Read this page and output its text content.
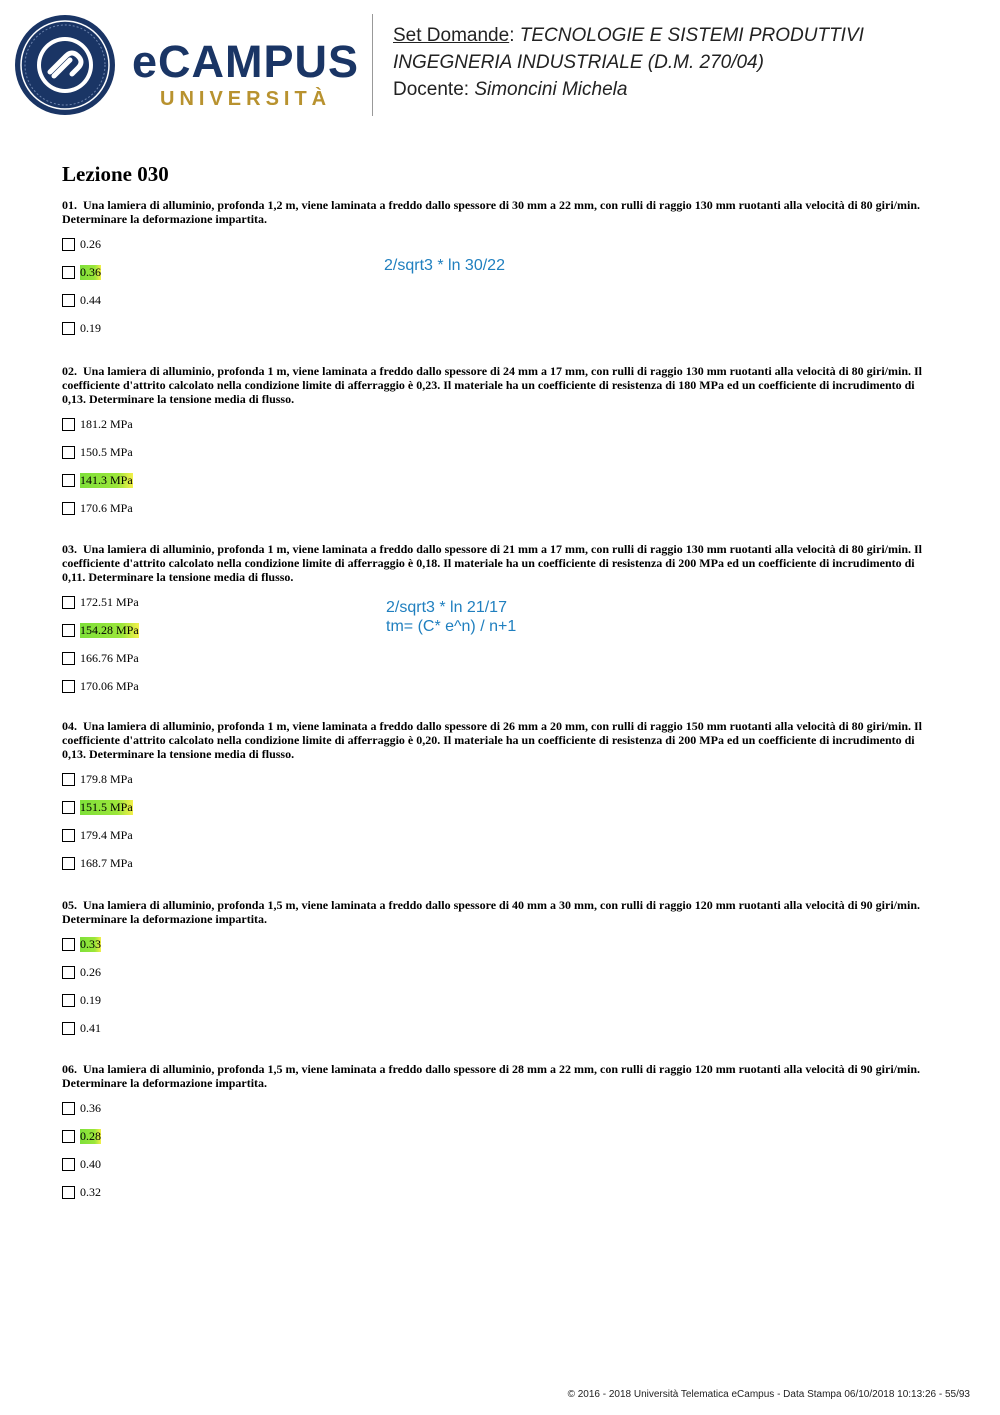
eCAMPUS
UNIVERSITÀ
Set Domande: TECNOLOGIE E SISTEMI PRODUTTIVI
INGEGNERIA INDUSTRIALE (D.M. 270/04)
Docente: Simoncini Michela
Lezione 030
2/sqrt3 * ln 30/22
2/sqrt3 * ln 21/17
tm= (C* e^n) / n+1

01. Una lamiera di alluminio, profonda 1,2 m, viene laminata a freddo dallo spessore di 30 mm a 22 mm, con rulli di raggio 130 mm ruotanti alla velocità di 80 giri/min. Determinare la deformazione impartita.

0.26
0.36
0.44
0.19

02. Una lamiera di alluminio, profonda 1 m, viene laminata a freddo dallo spessore di 24 mm a 17 mm, con rulli di raggio 130 mm ruotanti alla velocità di 80 giri/min. Il coefficiente d'attrito calcolato nella condizione limite di afferraggio è 0,23. Il materiale ha un coefficiente di resistenza di 180 MPa ed un coefficiente di incrudimento di 0,13. Determinare la tensione media di flusso.

181.2 MPa
150.5 MPa
141.3 MPa
170.6 MPa

03. Una lamiera di alluminio, profonda 1 m, viene laminata a freddo dallo spessore di 21 mm a 17 mm, con rulli di raggio 130 mm ruotanti alla velocità di 80 giri/min. Il coefficiente d'attrito calcolato nella condizione limite di afferraggio è 0,18. Il materiale ha un coefficiente di resistenza di 200 MPa ed un coefficiente di incrudimento di 0,11. Determinare la tensione media di flusso.

172.51 MPa
154.28 MPa
166.76 MPa
170.06 MPa

04. Una lamiera di alluminio, profonda 1 m, viene laminata a freddo dallo spessore di 26 mm a 20 mm, con rulli di raggio 150 mm ruotanti alla velocità di 80 giri/min. Il coefficiente d'attrito calcolato nella condizione limite di afferraggio è 0,20. Il materiale ha un coefficiente di resistenza di 200 MPa ed un coefficiente di incrudimento di 0,13. Determinare la tensione media di flusso.

179.8 MPa
151.5 MPa
179.4 MPa
168.7 MPa

05. Una lamiera di alluminio, profonda 1,5 m, viene laminata a freddo dallo spessore di 40 mm a 30 mm, con rulli di raggio 120 mm ruotanti alla velocità di 90 giri/min. Determinare la deformazione impartita.

0.33
0.26
0.19
0.41

06. Una lamiera di alluminio, profonda 1,5 m, viene laminata a freddo dallo spessore di 28 mm a 22 mm, con rulli di raggio 120 mm ruotanti alla velocità di 90 giri/min. Determinare la deformazione impartita.

0.36
0.28
0.40
0.32
© 2016 - 2018 Università Telematica eCampus - Data Stampa 06/10/2018 10:13:26 - 55/93
